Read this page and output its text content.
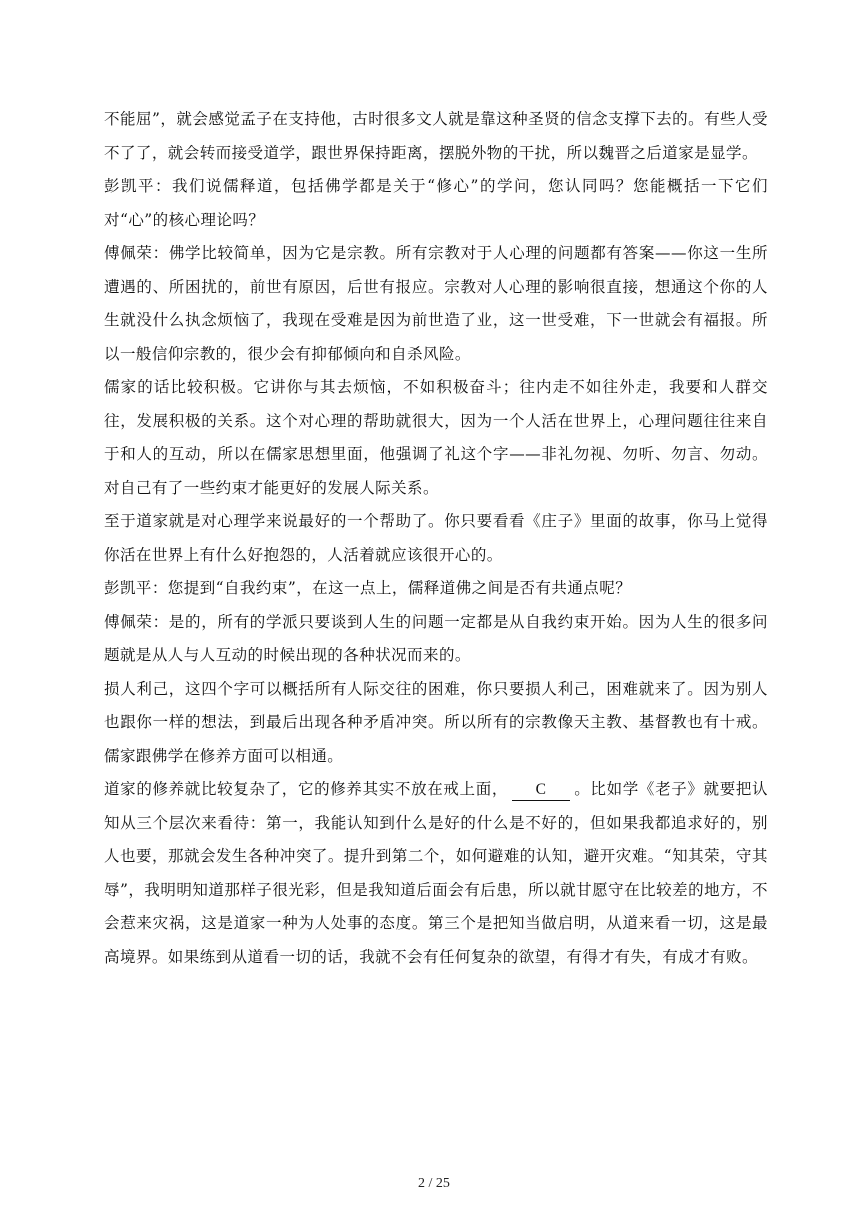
不能屈”，就会感觉孟子在支持他，古时很多文人就是靠这种圣贤的信念支撑下去的。有些人受不了了，就会转而接受道学，跟世界保持距离，摆脱外物的干扰，所以魏晋之后道家是显学。

彭凯平：我们说儒释道，包括佛学都是关于“修心”的学问，您认同吗？您能概括一下它们对“心”的核心理论吗？

傅佩荣：佛学比较简单，因为它是宗教。所有宗教对于人心理的问题都有答案——你这一生所遭遇的、所困扰的，前世有原因，后世有报应。宗教对人心理的影响很直接，想通这个你的人生就没什么执念烦恼了，我现在受难是因为前世造了业，这一世受难，下一世就会有福报。所以一般信仰宗教的，很少会有抑郁倾向和自杀风险。

儒家的话比较积极。它讲你与其去烦恼，不如积极奋斗；往内走不如往外走，我要和人群交往，发展积极的关系。这个对心理的帮助就很大，因为一个人活在世界上，心理问题往往来自于和人的互动，所以在儒家思想里面，他强调了礼这个字——非礼勿视、勿听、勿言、勿动。对自己有了一些约束才能更好的发展人际关系。

至于道家就是对心理学来说最好的一个帮助了。你只要看看《庄子》里面的故事，你马上觉得你活在世界上有什么好抱怨的，人活着就应该很开心的。

彭凯平：您提到“自我约束”，在这一点上，儒释道佛之间是否有共通点呢？

傅佩荣：是的，所有的学派只要谈到人生的问题一定都是从自我约束开始。因为人生的很多问题就是从人与人互动的时候出现的各种状况而来的。

损人利己，这四个字可以概括所有人际交往的困难，你只要损人利己，困难就来了。因为别人也跟你一样的想法，到最后出现各种矛盾冲突。所以所有的宗教像天主教、基督教也有十戒。儒家跟佛学在修养方面可以相通。

道家的修养就比较复杂了，它的修养其实不放在戒上面， C 。比如学《老子》就要把认知从三个层次来看待：第一，我能认知到什么是好的什么是不好的，但如果我都追求好的，别人也要，那就会发生各种冲突了。提升到第二个，如何避难的认知，避开灾难。“知其荣，守其辱”，我明明知道那样子很光彩，但是我知道后面会有后患，所以就甘愿守在比较差的地方，不会惹来灾祸，这是道家一种为人处事的态度。第三个是把知当做启明，从道来看一切，这是最高境界。如果练到从道看一切的话，我就不会有任何复杂的欲望，有得才有失，有成才有败。

2 / 25
